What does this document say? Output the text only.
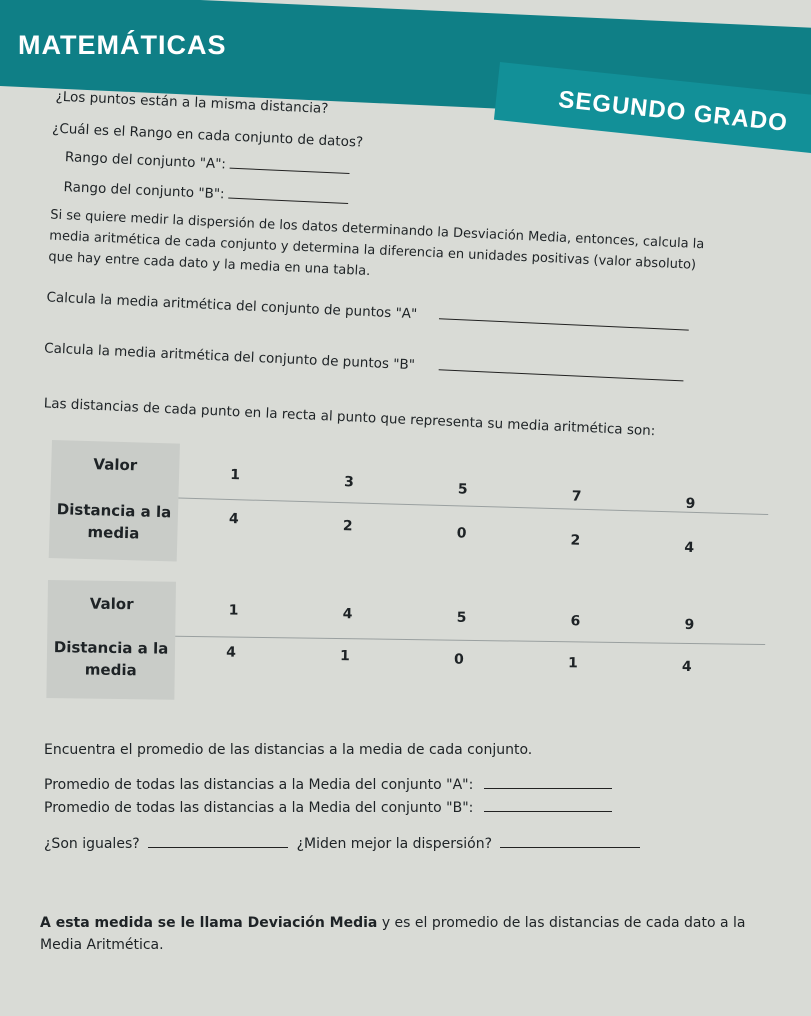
MATEMÁTICAS
SEGUNDO GRADO
¿Los puntos están a la misma distancia?
¿Cuál es el Rango en cada conjunto de datos?
Rango del conjunto "A":
Rango del conjunto "B":
Si se quiere medir la dispersión de los datos determinando la Desviación Media, entonces, calcula la media aritmética de cada conjunto y determina la diferencia en unidades positivas (valor absoluto) que hay entre cada dato y la media en una tabla.
Calcula la media aritmética del conjunto de puntos "A"
Calcula la media aritmética del conjunto de puntos "B"
Las distancias de cada punto en la recta al punto que representa su media aritmética son:
Valor
Distancia a la media
1	3	5	7	9
4	2	0	2	4
Valor
Distancia a la media
1	4	5	6	9
4	1	0	1	4
Encuentra el promedio de las distancias a la media de cada conjunto.
Promedio de todas las distancias a la Media del conjunto "A":
Promedio de todas las distancias a la Media del conjunto "B":
¿Son iguales?	¿Miden mejor la dispersión?
A esta medida se le llama Deviación Media y es el promedio de las distancias de cada dato a la Media Aritmética.
